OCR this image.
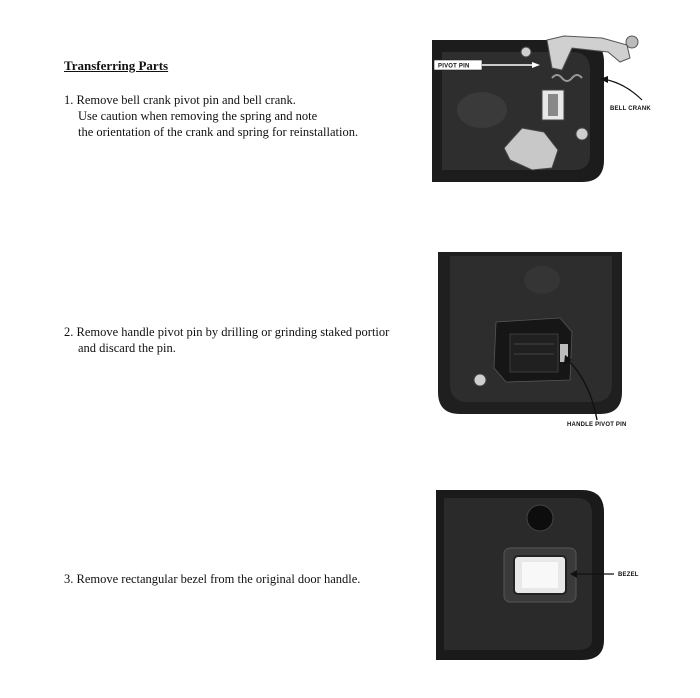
Transferring Parts
1. Remove bell crank pivot pin and bell crank.
Use caution when removing the spring and note
the orientation of the crank and spring for reinstallation.
2. Remove handle pivot pin by drilling or grinding staked portior
and discard the pin.
3. Remove rectangular bezel from the original door handle.
PIVOT PIN
BELL CRANK
HANDLE PIVOT PIN
BEZEL
